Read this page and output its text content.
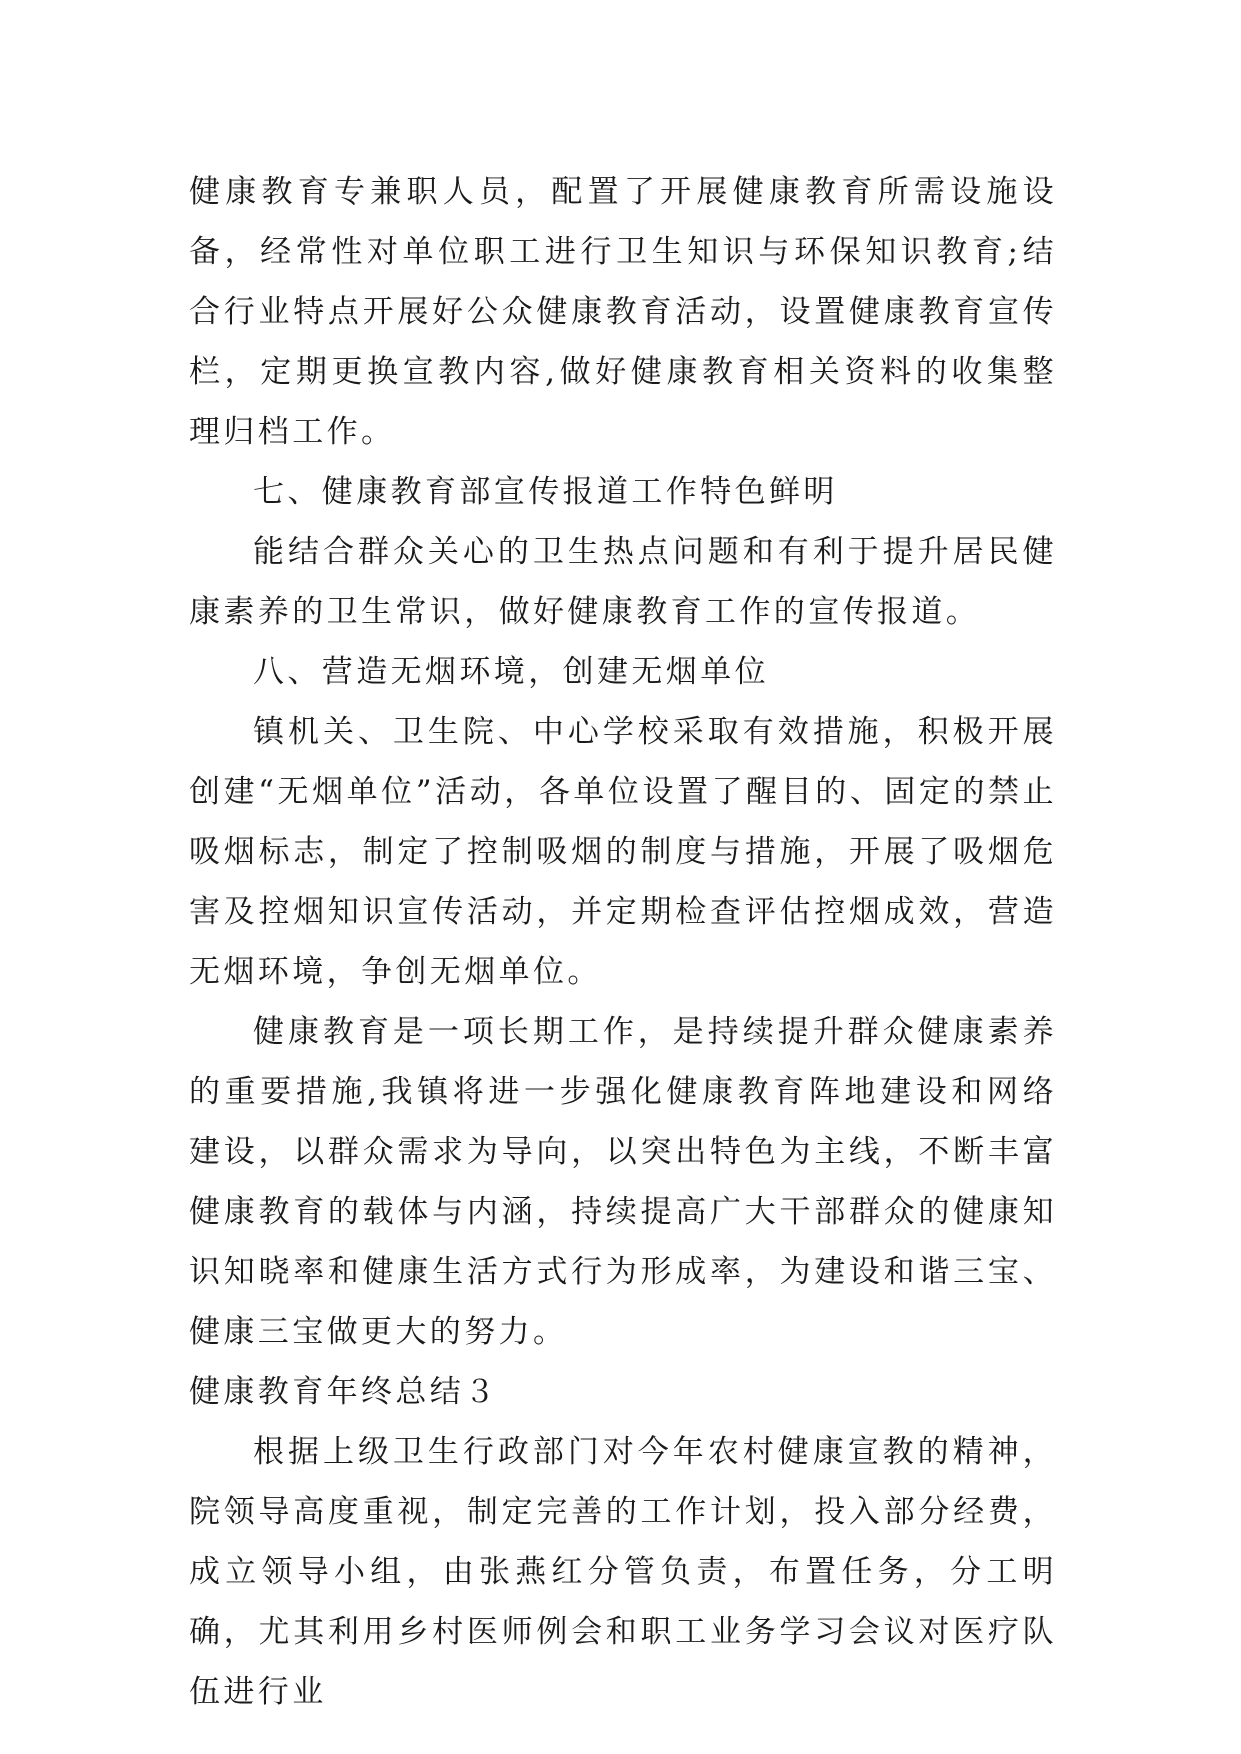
健康教育专兼职人员，配置了开展健康教育所需设施设备，经常性对单位职工进行卫生知识与环保知识教育;结合行业特点开展好公众健康教育活动，设置健康教育宣传栏，定期更换宣教内容,做好健康教育相关资料的收集整理归档工作。

七、健康教育部宣传报道工作特色鲜明

能结合群众关心的卫生热点问题和有利于提升居民健康素养的卫生常识，做好健康教育工作的宣传报道。

八、营造无烟环境，创建无烟单位

镇机关、卫生院、中心学校采取有效措施，积极开展创建“无烟单位”活动，各单位设置了醒目的、固定的禁止吸烟标志，制定了控制吸烟的制度与措施，开展了吸烟危害及控烟知识宣传活动，并定期检查评估控烟成效，营造无烟环境，争创无烟单位。

健康教育是一项长期工作，是持续提升群众健康素养的重要措施,我镇将进一步强化健康教育阵地建设和网络建设，以群众需求为导向，以突出特色为主线，不断丰富健康教育的载体与内涵，持续提高广大干部群众的健康知识知晓率和健康生活方式行为形成率，为建设和谐三宝、健康三宝做更大的努力。

健康教育年终总结３

根据上级卫生行政部门对今年农村健康宣教的精神，院领导高度重视，制定完善的工作计划，投入部分经费，成立领导小组，由张燕红分管负责，布置任务，分工明确，尤其利用乡村医师例会和职工业务学习会议对医疗队伍进行业
